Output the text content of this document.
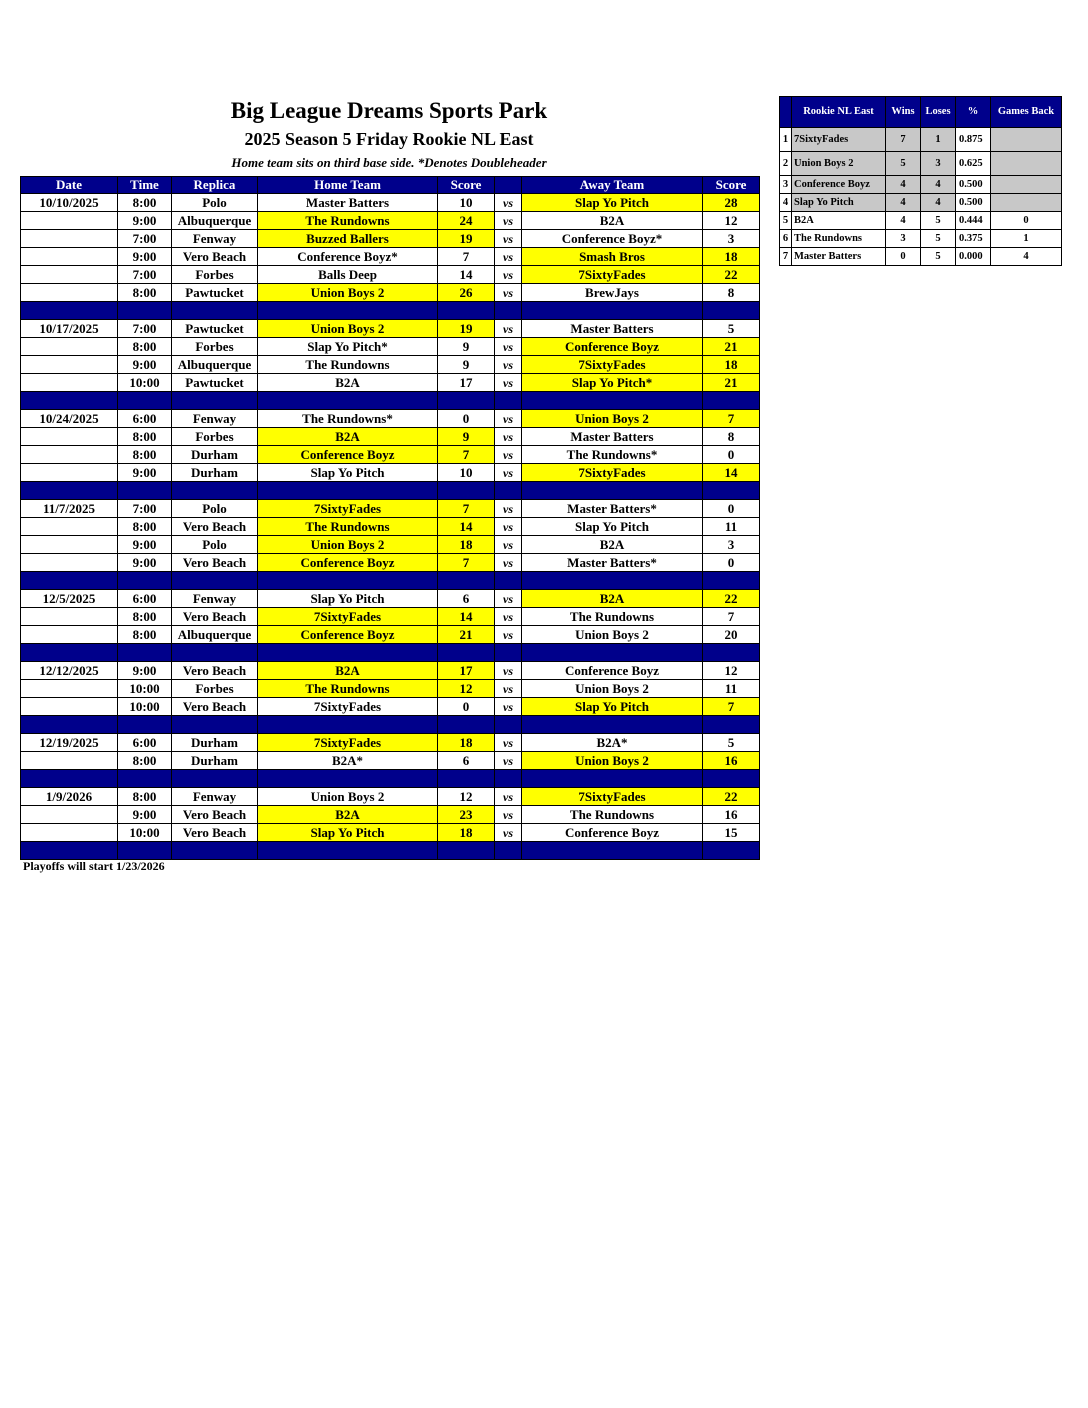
Big League Dreams Sports Park
2025 Season 5 Friday Rookie NL East
Home team sits on third base side. *Denotes Doubleheader
Date	Time	Replica	Home Team	Score		Away Team	Score
10/10/2025	8:00	Polo	Master Batters	10	vs	Slap Yo Pitch	28
	9:00	Albuquerque	The Rundowns	24	vs	B2A	12
	7:00	Fenway	Buzzed Ballers	19	vs	Conference Boyz*	3
	9:00	Vero Beach	Conference Boyz*	7	vs	Smash Bros	18
	7:00	Forbes	Balls Deep	14	vs	7SixtyFades	22
	8:00	Pawtucket	Union Boys 2	26	vs	BrewJays	8

10/17/2025	7:00	Pawtucket	Union Boys 2	19	vs	Master Batters	5
	8:00	Forbes	Slap Yo Pitch*	9	vs	Conference Boyz	21
	9:00	Albuquerque	The Rundowns	9	vs	7SixtyFades	18
	10:00	Pawtucket	B2A	17	vs	Slap Yo Pitch*	21

10/24/2025	6:00	Fenway	The Rundowns*	0	vs	Union Boys 2	7
	8:00	Forbes	B2A	9	vs	Master Batters	8
	8:00	Durham	Conference Boyz	7	vs	The Rundowns*	0
	9:00	Durham	Slap Yo Pitch	10	vs	7SixtyFades	14

11/7/2025	7:00	Polo	7SixtyFades	7	vs	Master Batters*	0
	8:00	Vero Beach	The Rundowns	14	vs	Slap Yo Pitch	11
	9:00	Polo	Union Boys 2	18	vs	B2A	3
	9:00	Vero Beach	Conference Boyz	7	vs	Master Batters*	0

12/5/2025	6:00	Fenway	Slap Yo Pitch	6	vs	B2A	22
	8:00	Vero Beach	7SixtyFades	14	vs	The Rundowns	7
	8:00	Albuquerque	Conference Boyz	21	vs	Union Boys 2	20

12/12/2025	9:00	Vero Beach	B2A	17	vs	Conference Boyz	12
	10:00	Forbes	The Rundowns	12	vs	Union Boys 2	11
	10:00	Vero Beach	7SixtyFades	0	vs	Slap Yo Pitch	7

12/19/2025	6:00	Durham	7SixtyFades	18	vs	B2A*	5
	8:00	Durham	B2A*	6	vs	Union Boys 2	16

1/9/2026	8:00	Fenway	Union Boys 2	12	vs	7SixtyFades	22
	9:00	Vero Beach	B2A	23	vs	The Rundowns	16
	10:00	Vero Beach	Slap Yo Pitch	18	vs	Conference Boyz	15

Playoffs will start 1/23/2026
	Rookie NL East	Wins	Loses	%	Games Back
1	7SixtyFades	7	1	0.875	
2	Union Boys 2	5	3	0.625	
3	Conference Boyz	4	4	0.500	
4	Slap Yo Pitch	4	4	0.500	
5	B2A	4	5	0.444	0
6	The Rundowns	3	5	0.375	1
7	Master Batters	0	5	0.000	4
